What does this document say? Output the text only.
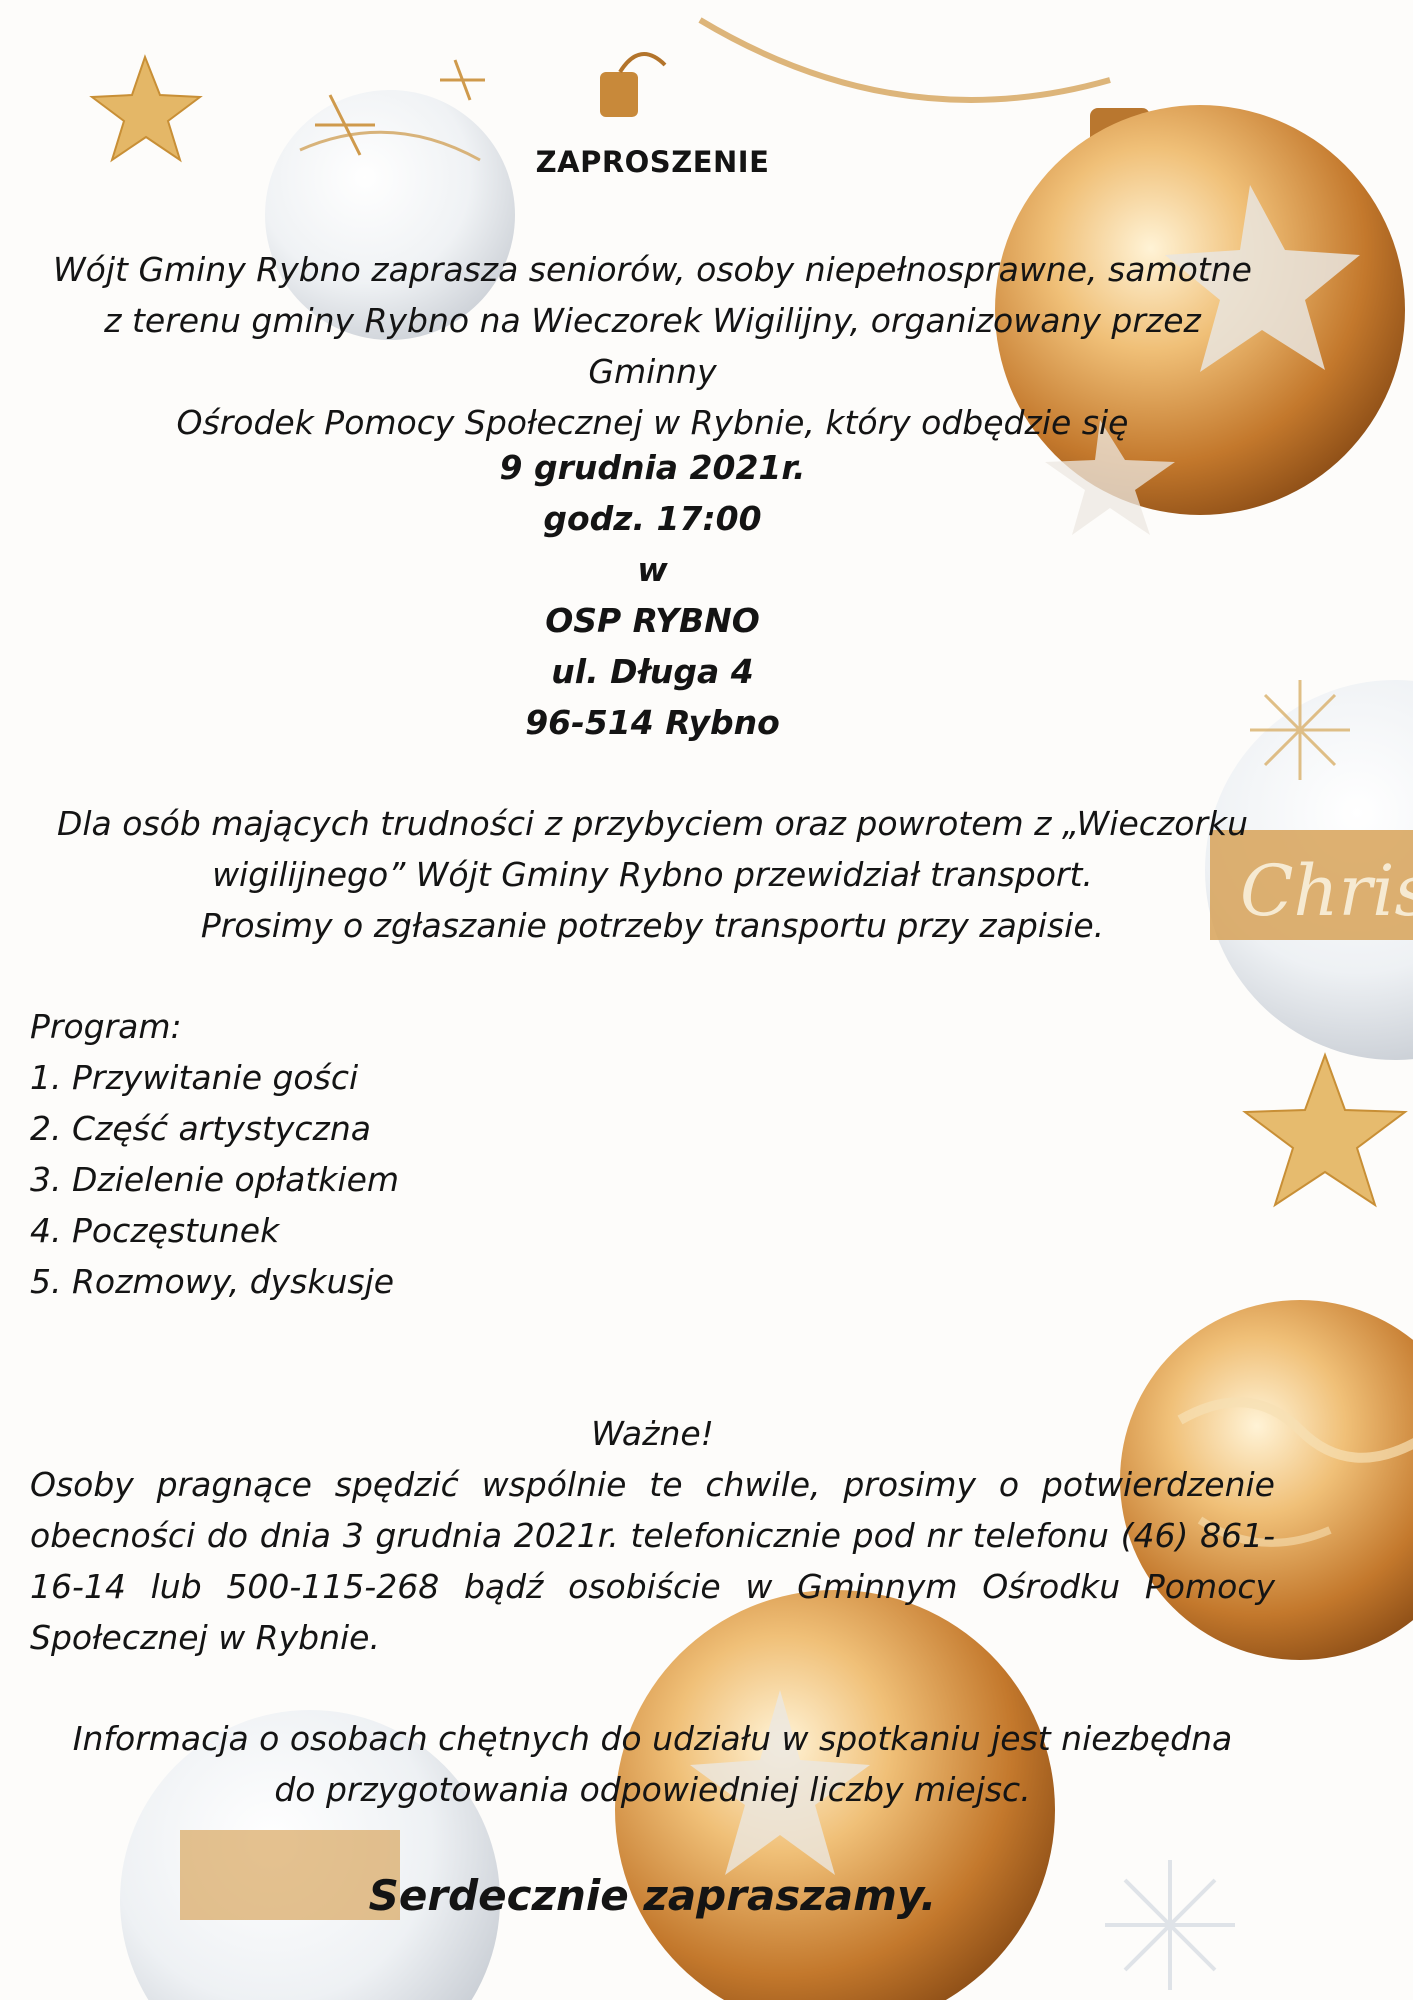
ZAPROSZENIE
Wójt Gminy Rybno zaprasza seniorów, osoby niepełnosprawne, samotne
z terenu gminy Rybno na Wieczorek Wigilijny, organizowany przez Gminny
Ośrodek Pomocy Społecznej w Rybnie, który odbędzie się
9 grudnia 2021r.
godz. 17:00
w
OSP RYBNO
ul. Długa 4
96-514 Rybno
Dla osób mających trudności z przybyciem oraz powrotem z „Wieczorku
wigilijnego” Wójt Gminy Rybno przewidział transport.
Prosimy o zgłaszanie potrzeby transportu przy zapisie.
Program:
1. Przywitanie gości
2. Część artystyczna
3. Dzielenie opłatkiem
4. Poczęstunek
5. Rozmowy, dyskusje
Ważne!
Osoby pragnące spędzić wspólnie te chwile, prosimy o potwierdzenie obecności do dnia 3 grudnia 2021r. telefonicznie pod nr telefonu (46) 861-16-14 lub 500-115-268 bądź osobiście w Gminnym Ośrodku Pomocy Społecznej w Rybnie.
Informacja o osobach chętnych do udziału w spotkaniu jest niezbędna
do przygotowania odpowiedniej liczby miejsc.
Serdecznie zapraszamy.
